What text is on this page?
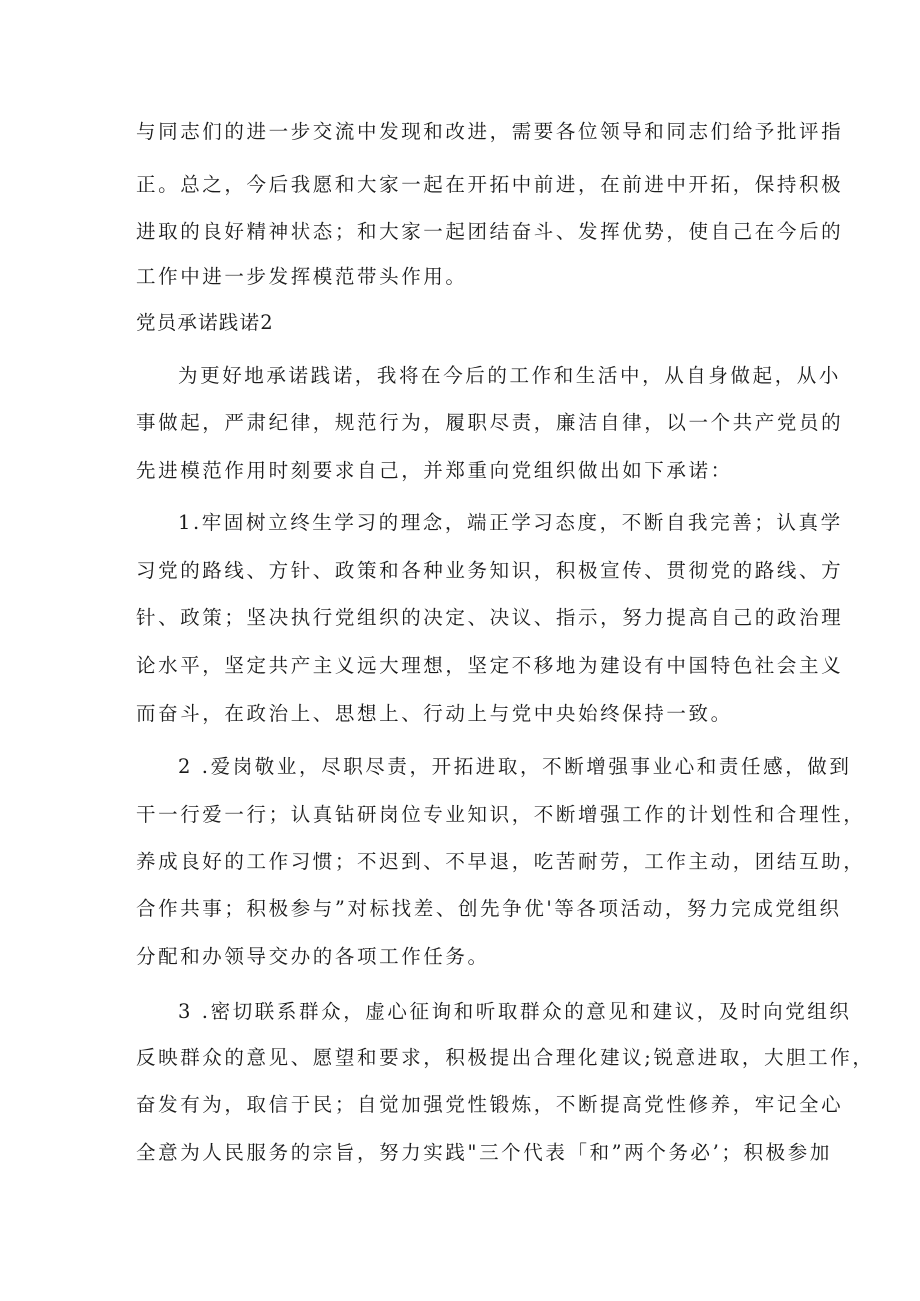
与同志们的进一步交流中发现和改进，需要各位领导和同志们给予批评指
正。总之，今后我愿和大家一起在开拓中前进，在前进中开拓，保持积极
进取的良好精神状态；和大家一起团结奋斗、发挥优势，使自己在今后的
工作中进一步发挥模范带头作用。
党员承诺践诺2
为更好地承诺践诺，我将在今后的工作和生活中，从自身做起，从小
事做起，严肃纪律，规范行为，履职尽责，廉洁自律，以一个共产党员的
先进模范作用时刻要求自己，并郑重向党组织做出如下承诺：
1.牢固树立终生学习的理念，端正学习态度，不断自我完善；认真学
习党的路线、方针、政策和各种业务知识，积极宣传、贯彻党的路线、方
针、政策；坚决执行党组织的决定、决议、指示，努力提高自己的政治理
论水平，坚定共产主义远大理想，坚定不移地为建设有中国特色社会主义
而奋斗，在政治上、思想上、行动上与党中央始终保持一致。
2 .爱岗敬业，尽职尽责，开拓进取，不断增强事业心和责任感，做到
干一行爱一行；认真钻研岗位专业知识，不断增强工作的计划性和合理性，
养成良好的工作习惯；不迟到、不早退，吃苦耐劳，工作主动，团结互助，
合作共事；积极参与”对标找差、创先争优'等各项活动，努力完成党组织
分配和办领导交办的各项工作任务。
3 .密切联系群众，虚心征询和听取群众的意见和建议，及时向党组织
反映群众的意见、愿望和要求，积极提出合理化建议;锐意进取，大胆工作，
奋发有为，取信于民；自觉加强党性锻炼，不断提高党性修养，牢记全心
全意为人民服务的宗旨，努力实践"三个代表「和”两个务必’；积极参加
